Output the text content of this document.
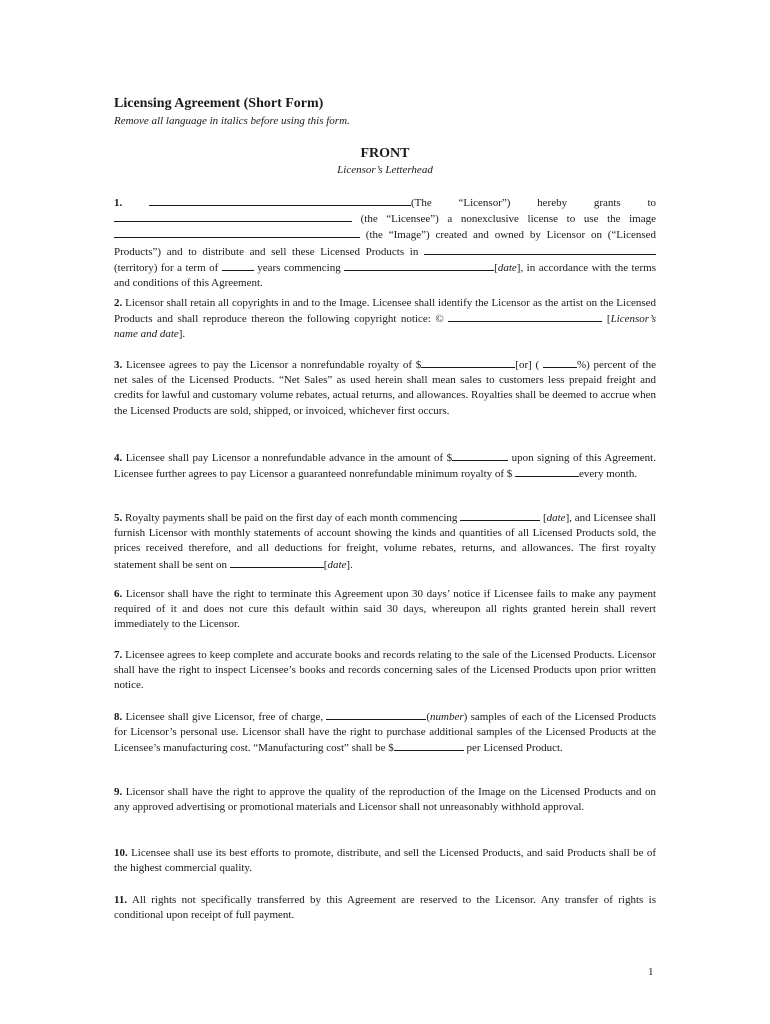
Licensing Agreement (Short Form)

Remove all language in italics before using this form.

FRONT

Licensor’s Letterhead

1.	(The “Licensor”) hereby grants to  (the “Licensee”) a nonexclusive license to use the image  (the “Image”) created and owned by Licensor on (“Licensed Products”) and to distribute and sell these Licensed Products in (territory) for a term of	years commencing	[date], in accordance with the terms and conditions of this Agreement.

2. Licensor shall retain all copyrights in and to the Image. Licensee shall identify the Licensor as the artist on the Licensed Products and shall reproduce thereon the following copyright notice: ©	[Licensor’s name and date].

3. Licensee agrees to pay the Licensor a nonrefundable royalty of $	[or] (	%) percent of the net sales of the Licensed Products. “Net Sales” as used herein shall mean sales to customers less prepaid freight and credits for lawful and customary volume rebates, actual returns, and allowances. Royalties shall be deemed to accrue when the Licensed Products are sold, shipped, or invoiced, whichever first occurs.

4. Licensee shall pay Licensor a nonrefundable advance in the amount of $	upon signing of this Agreement. Licensee further agrees to pay Licensor a guaranteed nonrefundable minimum royalty of $	every month.

5. Royalty payments shall be paid on the first day of each month commencing	[date], and Licensee shall furnish Licensor with monthly statements of account showing the kinds and quantities of all Licensed Products sold, the prices received therefore, and all deductions for freight, volume rebates, returns, and allowances. The first royalty statement shall be sent on	[date].

6. Licensor shall have the right to terminate this Agreement upon 30 days’ notice if Licensee fails to make any payment required of it and does not cure this default within said 30 days, whereupon all rights granted herein shall revert immediately to the Licensor.

7. Licensee agrees to keep complete and accurate books and records relating to the sale of the Licensed Products. Licensor shall have the right to inspect Licensee’s books and records concerning sales of the Licensed Products upon prior written notice.

8. Licensee shall give Licensor, free of charge,	(number) samples of each of the Licensed Products for Licensor’s personal use. Licensor shall have the right to purchase additional samples of the Licensed Products at the Licensee’s manufacturing cost. “Manufacturing cost” shall be $	per Licensed Product.

9. Licensor shall have the right to approve the quality of the reproduction of the Image on the Licensed Products and on any approved advertising or promotional materials and Licensor shall not unreasonably withhold approval.

10. Licensee shall use its best efforts to promote, distribute, and sell the Licensed Products, and said Products shall be of the highest commercial quality.

11. All rights not specifically transferred by this Agreement are reserved to the Licensor. Any transfer of rights is conditional upon receipt of full payment.

1
